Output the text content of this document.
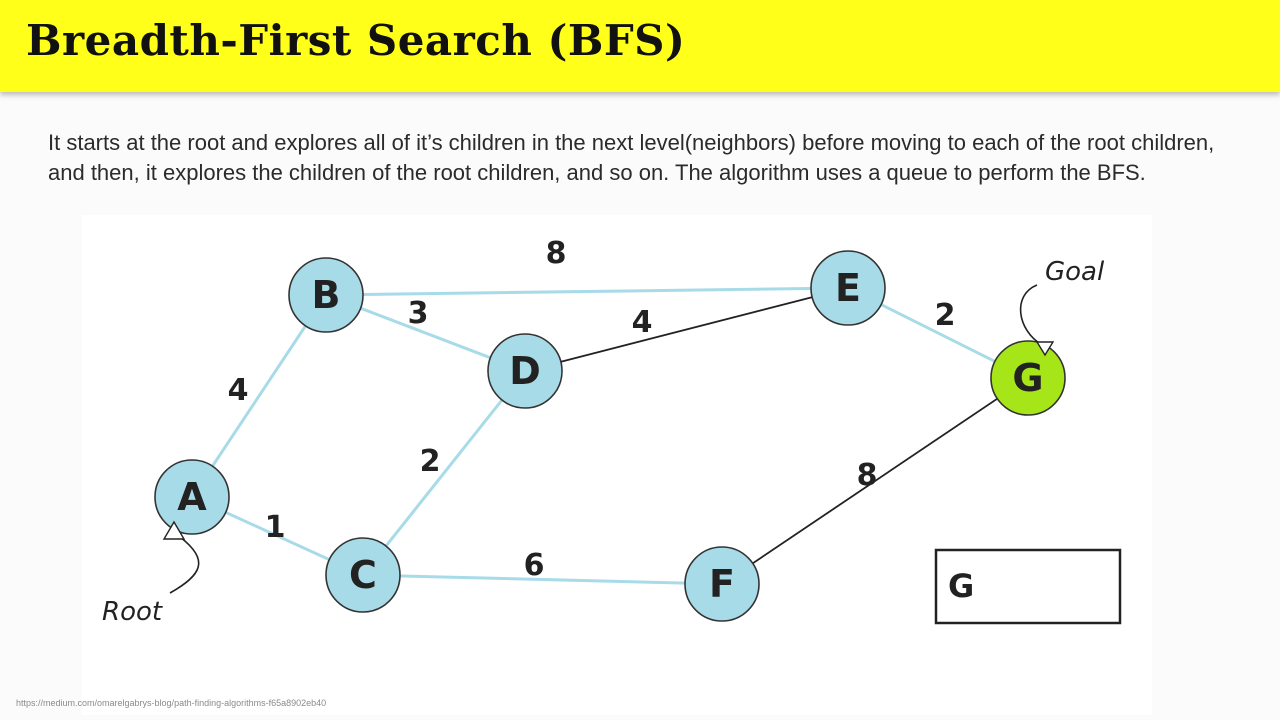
Breadth-First Search (BFS)
It starts at the root and explores all of it’s children in the next level(neighbors) before moving to each of the root children, and then, it explores the children of the root children, and so on. The algorithm uses a queue to perform the BFS.
4
1
8
3	4
2
6
2
8
A
B
C
D
E
F
G
Root
Goal
G
https://medium.com/omarelgabrys-blog/path-finding-algorithms-f65a8902eb40
